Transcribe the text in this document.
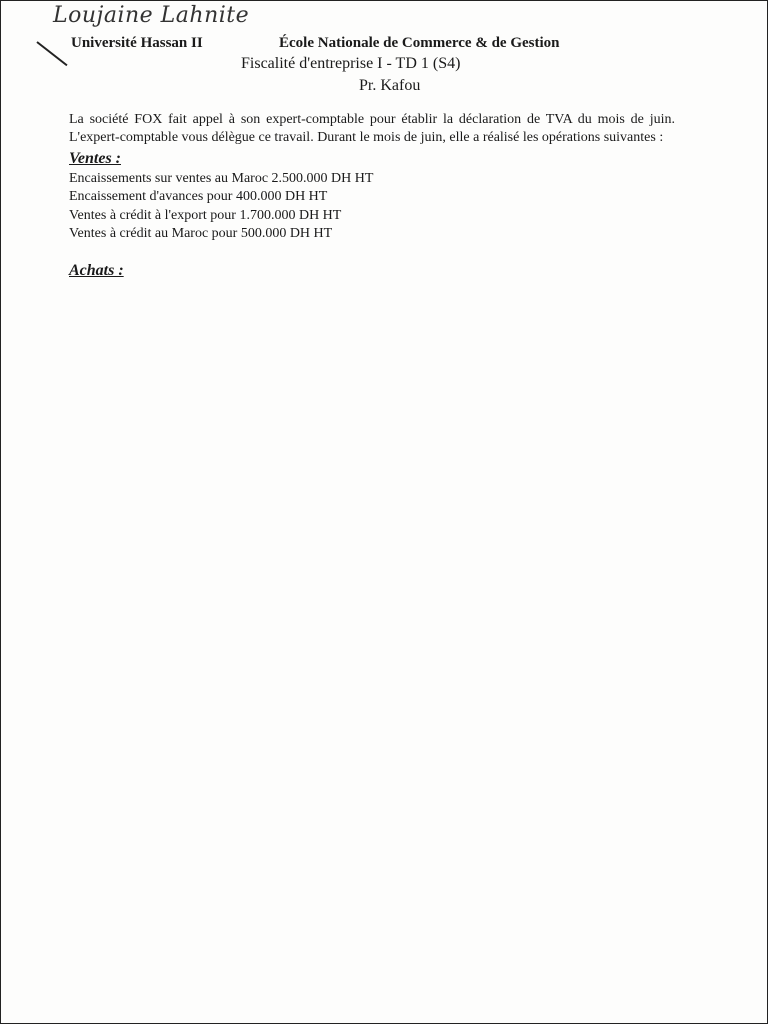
Loujaine Lahnite
Université Hassan II	École Nationale de Commerce & de Gestion
Fiscalité d'entreprise I - TD 1 (S4)
Pr. Kafou

La société FOX fait appel à son expert-comptable pour établir la déclaration de TVA du mois de juin. L'expert-comptable vous délègue ce travail. Durant le mois de juin, elle a réalisé les opérations suivantes :

Ventes :
Encaissements sur ventes au Maroc 2.500.000 DH HT
Encaissement d'avances pour 400.000 DH HT
Ventes à crédit à l'export pour 1.700.000 DH HT
Ventes à crédit au Maroc pour 500.000 DH HT
Achats :
